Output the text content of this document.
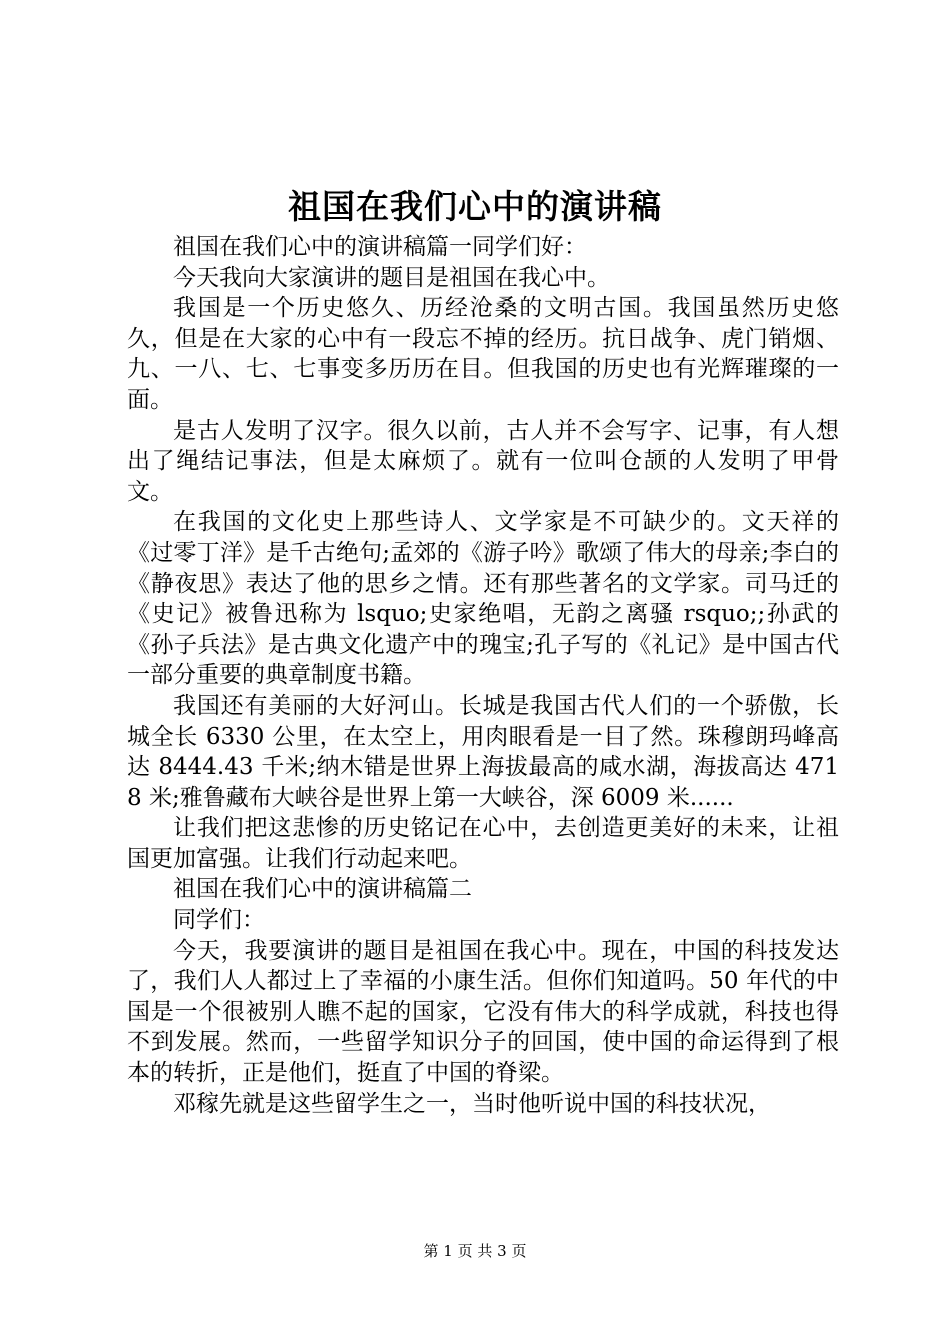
祖国在我们心中的演讲稿

祖国在我们心中的演讲稿篇一同学们好：

今天我向大家演讲的题目是祖国在我心中。

我国是一个历史悠久、历经沧桑的文明古国。我国虽然历史悠久，但是在大家的心中有一段忘不掉的经历。抗日战争、虎门销烟、九、一八、七、七事变多历历在目。但我国的历史也有光辉璀璨的一面。

是古人发明了汉字。很久以前，古人并不会写字、记事，有人想出了绳结记事法，但是太麻烦了。就有一位叫仓颉的人发明了甲骨文。

在我国的文化史上那些诗人、文学家是不可缺少的。文天祥的《过零丁洋》是千古绝句;孟郊的《游子吟》歌颂了伟大的母亲;李白的《静夜思》表达了他的思乡之情。还有那些著名的文学家。司马迁的《史记》被鲁迅称为 lsquo;史家绝唱，无韵之离骚 rsquo;;孙武的《孙子兵法》是古典文化遗产中的瑰宝;孔子写的《礼记》是中国古代一部分重要的典章制度书籍。

我国还有美丽的大好河山。长城是我国古代人们的一个骄傲，长城全长 6330 公里，在太空上，用肉眼看是一目了然。珠穆朗玛峰高达 8444.43 千米;纳木错是世界上海拔最高的咸水湖，海拔高达 4718 米;雅鲁藏布大峡谷是世界上第一大峡谷，深 6009 米......

让我们把这悲惨的历史铭记在心中，去创造更美好的未来，让祖国更加富强。让我们行动起来吧。

祖国在我们心中的演讲稿篇二

同学们：

今天，我要演讲的题目是祖国在我心中。现在，中国的科技发达了，我们人人都过上了幸福的小康生活。但你们知道吗。50 年代的中国是一个很被别人瞧不起的国家，它没有伟大的科学成就，科技也得不到发展。然而，一些留学知识分子的回国，使中国的命运得到了根本的转折，正是他们，挺直了中国的脊梁。

邓稼先就是这些留学生之一，当时他听说中国的科技状况，

第 1 页 共 3 页
